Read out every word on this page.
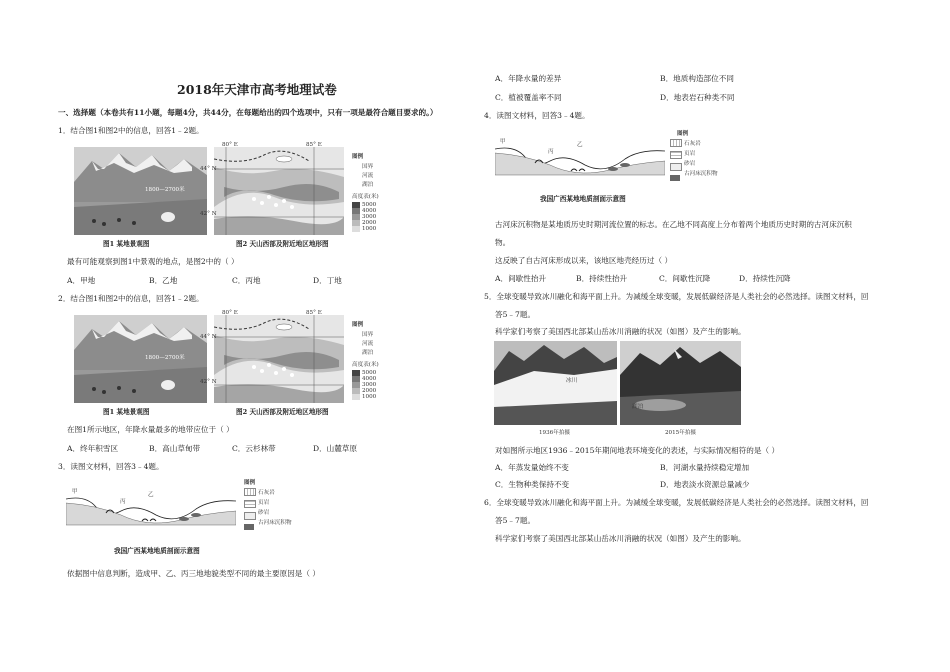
2018年天津市高考地理试卷
一、选择题（本卷共有11小题，每题4分，共44分，在每题给出的四个选项中，只有一项是最符合题目要求的。）
1．结合图1和图2中的信息，回答1﹣2题。
1800—2700米
图1 某地景观图
80° E	85° E
44° N
42° N
图例
国界
河流
湖泊
高度表(米)
5000
4000
3000
2000
1000
图2 天山西部及附近地区地形图
最有可能观察到图1中景观的地点，是图2中的（ ）
A．甲地	B．乙地	C．丙地	D．丁地
2．结合图1和图2中的信息，回答1﹣2题。
1800—2700米
图1 某地景观图
80° E	85° E
44° N
42° N
图例
国界
河流
湖泊
高度表(米)
5000
4000
3000
2000
1000
图2 天山西部及附近地区地形图
在图1所示地区，年降水量最多的地带应位于（ ）
A．终年积雪区	B．高山草甸带	C．云杉林带	D．山麓草原
3．读图文材料，回答3﹣4题。
甲	乙
丙
图例
石灰岩
页岩
砂岩
古河床沉积物
我国广西某地地质剖面示意图
依据图中信息判断，造成甲、乙、丙三地地貌类型不同的最主要原因是（ ）
A．年降水量的差异	B．地质构造部位不同
C．植被覆盖率不同	D．地表岩石种类不同
4．读图文材料，回答3﹣4题。
甲	乙
丙
图例
石灰岩
页岩
砂岩
古河床沉积物
我国广西某地地质剖面示意图
古河床沉积物是某地质历史时期河流位置的标志。在乙地不同高度上分布着两个地质历史时期的古河床沉积
物。
这反映了自古河床形成以来，该地区地壳经历过（ ）
A．间歇性抬升	B．持续性抬升	C．间歇性沉降	D．持续性沉降
5．全球变暖导致冰川融化和海平面上升。为减缓全球变暖，发展低碳经济是人类社会的必然选择。读图文材料，回
答5﹣7题。
科学家们考察了美国西北部某山岳冰川消融的状况（如图）及产生的影响。
冰川
湖泊
1936年拍摄	2015年拍摄
对如图所示地区1936﹣2015年期间地表环境变化的表述，与实际情况相符的是（ ）
A．年蒸发量始终不变	B．河湖水量持续稳定增加
C．生物种类保持不变	D．地表淡水资源总量减少
6．全球变暖导致冰川融化和海平面上升。为减缓全球变暖，发展低碳经济是人类社会的必然选择。读图文材料，回
答5﹣7题。
科学家们考察了美国西北部某山岳冰川消融的状况（如图）及产生的影响。
